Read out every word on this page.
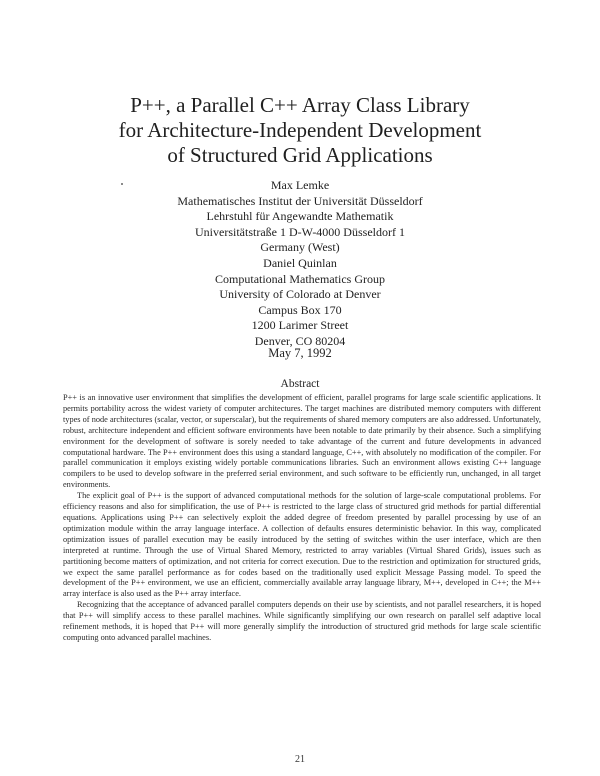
P++, a Parallel C++ Array Class Library
for Architecture-Independent Development
of Structured Grid Applications
Max Lemke
Mathematisches Institut der Universität Düsseldorf
Lehrstuhl für Angewandte Mathematik
Universitätstraße 1 D-W-4000 Düsseldorf 1
Germany (West)
Daniel Quinlan
Computational Mathematics Group
University of Colorado at Denver
Campus Box 170
1200 Larimer Street
Denver, CO 80204
May 7, 1992
Abstract

P++ is an innovative user environment that simplifies the development of efficient, parallel programs for large scale scientific applications. It permits portability across the widest variety of computer architectures. The target machines are distributed memory computers with different types of node architectures (scalar, vector, or superscalar), but the requirements of shared memory computers are also addressed. Unfortunately, robust, architecture independent and efficient software environments have been notable to date primarily by their absence. Such a simplifying environment for the development of software is sorely needed to take advantage of the current and future developments in advanced computational hardware. The P++ environment does this using a standard language, C++, with absolutely no modification of the compiler. For parallel communication it employs existing widely portable communications libraries. Such an environment allows existing C++ language compilers to be used to develop software in the preferred serial environment, and such software to be efficiently run, unchanged, in all target environments.

The explicit goal of P++ is the support of advanced computational methods for the solution of large-scale computational problems. For efficiency reasons and also for simplification, the use of P++ is restricted to the large class of structured grid methods for partial differential equations. Applications using P++ can selectively exploit the added degree of freedom presented by parallel processing by use of an optimization module within the array language interface. A collection of defaults ensures deterministic behavior. In this way, complicated optimization issues of parallel execution may be easily introduced by the setting of switches within the user interface, which are then interpreted at runtime. Through the use of Virtual Shared Memory, restricted to array variables (Virtual Shared Grids), issues such as partitioning become matters of optimization, and not criteria for correct execution. Due to the restriction and optimization for structured grids, we expect the same parallel performance as for codes based on the traditionally used explicit Message Passing model. To speed the development of the P++ environment, we use an efficient, commercially available array language library, M++, developed in C++; the M++ array interface is also used as the P++ array interface.

Recognizing that the acceptance of advanced parallel computers depends on their use by scientists, and not parallel researchers, it is hoped that P++ will simplify access to these parallel machines. While significantly simplifying our own research on parallel self adaptive local refinement methods, it is hoped that P++ will more generally simplify the introduction of structured grid methods for large scale scientific computing onto advanced parallel machines.

21
